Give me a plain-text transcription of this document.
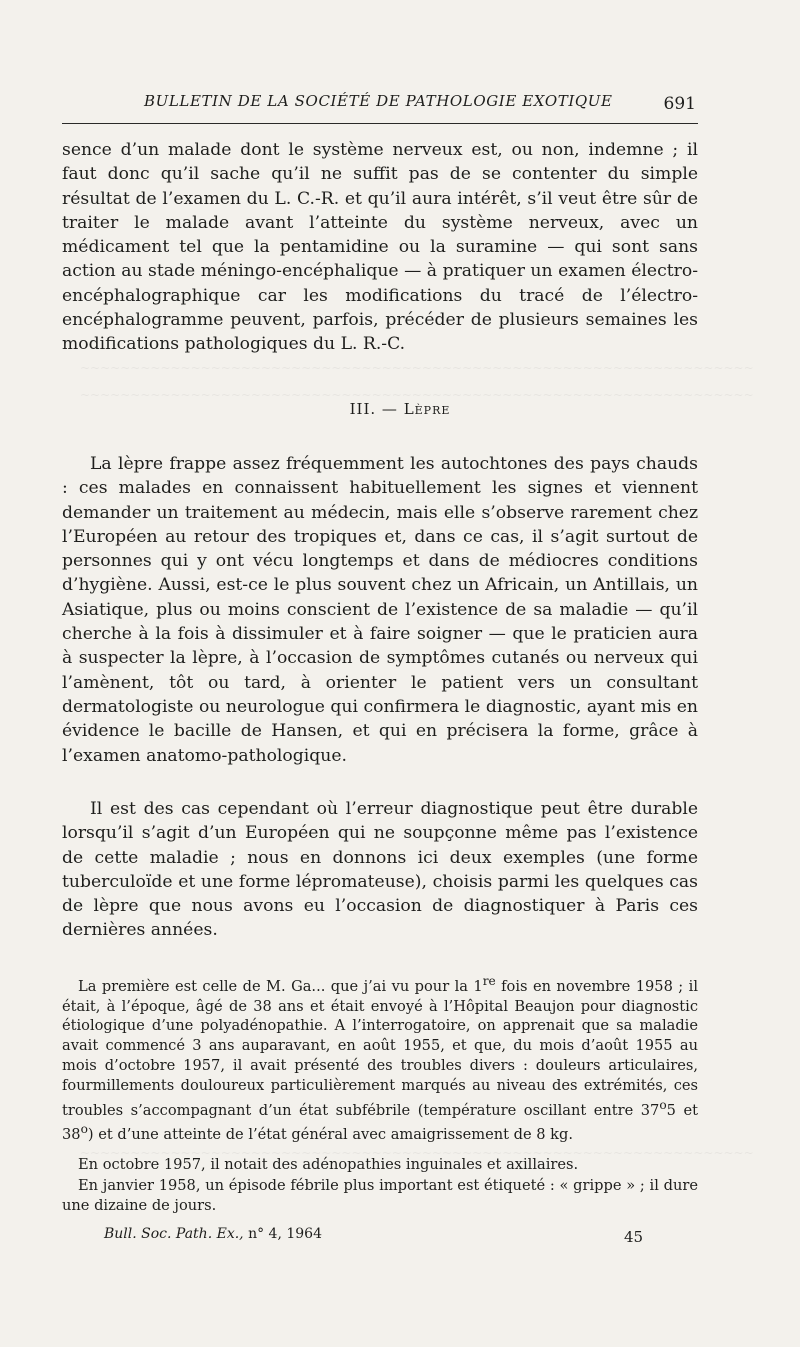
~~~~~~~~~~~~~~~~~~~~~~~~~~~~~~~~~~~~~~~~~~~~~~~~~~~~~~~~~~~~~~~~~~~
~~~~~~~~~~~~~~~~~~~~~~~~~~~~~~~~~~~~~~~~~~~~~~~~~~~~~~~~~~~~~~~~~~~
~~~~~~~~~~~~~~~~~~~~~~~~~~~~~~~~~~~~~~~~~~~~~~~~~~~~~~~~~~~~~~~~~~~
BULLETIN DE LA SOCIÉTÉ DE PATHOLOGIE EXOTIQUE	691

sence d’un malade dont le système nerveux est, ou non, indemne ; il faut donc qu’il sache qu’il ne suffit pas de se contenter du simple résultat de l’examen du L. C.-R. et qu’il aura intérêt, s’il veut être sûr de traiter le malade avant l’atteinte du système nerveux, avec un médicament tel que la pentamidine ou la suramine — qui sont sans action au stade méningo-encéphalique — à pratiquer un examen électro-encéphalographique car les modifications du tracé de l’électro-encéphalogramme peuvent, parfois, précéder de plusieurs semaines les modifications pathologiques du L. R.-C.

III. — Lèpre

La lèpre frappe assez fréquemment les autochtones des pays chauds : ces malades en connaissent habituellement les signes et viennent demander un traitement au médecin, mais elle s’observe rarement chez l’Européen au retour des tropiques et, dans ce cas, il s’agit surtout de personnes qui y ont vécu longtemps et dans de médiocres conditions d’hygiène. Aussi, est-ce le plus souvent chez un Africain, un Antillais, un Asiatique, plus ou moins conscient de l’existence de sa maladie — qu’il cherche à la fois à dissimuler et à faire soigner — que le praticien aura à suspecter la lèpre, à l’occasion de symptômes cutanés ou nerveux qui l’amènent, tôt ou tard, à orienter le patient vers un consultant dermatologiste ou neurologue qui confirmera le diagnostic, ayant mis en évidence le bacille de Hansen, et qui en précisera la forme, grâce à l’examen anatomo-pathologique.

Il est des cas cependant où l’erreur diagnostique peut être durable lorsqu’il s’agit d’un Européen qui ne soupçonne même pas l’existence de cette maladie ; nous en donnons ici deux exemples (une forme tuberculoïde et une forme lépromateuse), choisis parmi les quelques cas de lèpre que nous avons eu l’occasion de diagnostiquer à Paris ces dernières années.

La première est celle de M. Ga... que j’ai vu pour la 1re fois en novembre 1958 ; il était, à l’époque, âgé de 38 ans et était envoyé à l’Hôpital Beaujon pour diagnostic étiologique d’une polyadénopathie. A l’interrogatoire, on apprenait que sa maladie avait commencé 3 ans auparavant, en août 1955, et que, du mois d’août 1955 au mois d’octobre 1957, il avait présenté des troubles divers : douleurs articulaires, fourmillements douloureux particulièrement marqués au niveau des extrémités, ces troubles s’accompagnant d’un état subfébrile (température oscillant entre 37$^o$5 et 38$^o$) et d’une atteinte de l’état général avec amaigrissement de 8 kg.

En octobre 1957, il notait des adénopathies inguinales et axillaires.

En janvier 1958, un épisode fébrile plus important est étiqueté : « grippe » ; il dure une dizaine de jours.

Bull. Soc. Path. Ex., n° 4, 1964	45
